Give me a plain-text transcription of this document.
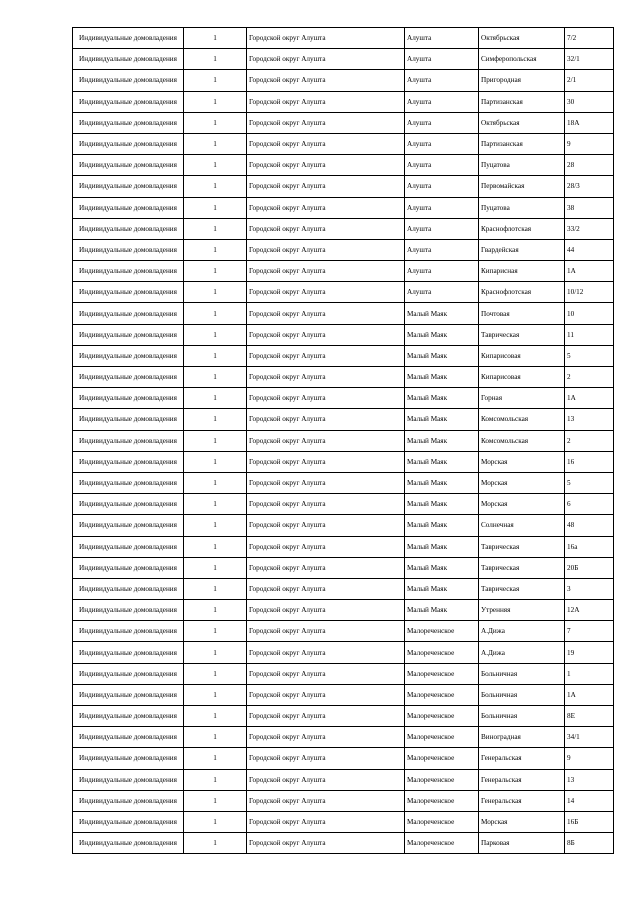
Индивидуальные домовладения	1	Городской округ Алушта	Алушта	Октябрьская	7/2
Индивидуальные домовладения	1	Городской округ Алушта	Алушта	Симферопольская	32/1
Индивидуальные домовладения	1	Городской округ Алушта	Алушта	Пригородная	2/1
Индивидуальные домовладения	1	Городской округ Алушта	Алушта	Партизанская	30
Индивидуальные домовладения	1	Городской округ Алушта	Алушта	Октябрьская	18А
Индивидуальные домовладения	1	Городской округ Алушта	Алушта	Партизанская	9
Индивидуальные домовладения	1	Городской округ Алушта	Алушта	Пуцатова	28
Индивидуальные домовладения	1	Городской округ Алушта	Алушта	Первомайская	28/3
Индивидуальные домовладения	1	Городской округ Алушта	Алушта	Пуцатова	38
Индивидуальные домовладения	1	Городской округ Алушта	Алушта	Краснофлотская	33/2
Индивидуальные домовладения	1	Городской округ Алушта	Алушта	Гвардейская	44
Индивидуальные домовладения	1	Городской округ Алушта	Алушта	Кипарисная	1А
Индивидуальные домовладения	1	Городской округ Алушта	Алушта	Краснофлотская	10/12
Индивидуальные домовладения	1	Городской округ Алушта	Малый Маяк	Почтовая	10
Индивидуальные домовладения	1	Городской округ Алушта	Малый Маяк	Таврическая	11
Индивидуальные домовладения	1	Городской округ Алушта	Малый Маяк	Кипарисовая	5
Индивидуальные домовладения	1	Городской округ Алушта	Малый Маяк	Кипарисовая	2
Индивидуальные домовладения	1	Городской округ Алушта	Малый Маяк	Горная	1А
Индивидуальные домовладения	1	Городской округ Алушта	Малый Маяк	Комсомольская	13
Индивидуальные домовладения	1	Городской округ Алушта	Малый Маяк	Комсомольская	2
Индивидуальные домовладения	1	Городской округ Алушта	Малый Маяк	Морская	16
Индивидуальные домовладения	1	Городской округ Алушта	Малый Маяк	Морская	5
Индивидуальные домовладения	1	Городской округ Алушта	Малый Маяк	Морская	6
Индивидуальные домовладения	1	Городской округ Алушта	Малый Маяк	Солнечная	48
Индивидуальные домовладения	1	Городской округ Алушта	Малый Маяк	Таврическая	16а
Индивидуальные домовладения	1	Городской округ Алушта	Малый Маяк	Таврическая	20Б
Индивидуальные домовладения	1	Городской округ Алушта	Малый Маяк	Таврическая	3
Индивидуальные домовладения	1	Городской округ Алушта	Малый Маяк	Утренняя	12А
Индивидуальные домовладения	1	Городской округ Алушта	Малореченское	А.Дижа	7
Индивидуальные домовладения	1	Городской округ Алушта	Малореченское	А.Дижа	19
Индивидуальные домовладения	1	Городской округ Алушта	Малореченское	Больничная	1
Индивидуальные домовладения	1	Городской округ Алушта	Малореченское	Больничная	1А
Индивидуальные домовладения	1	Городской округ Алушта	Малореченское	Больничная	8Е
Индивидуальные домовладения	1	Городской округ Алушта	Малореченское	Виноградная	34/1
Индивидуальные домовладения	1	Городской округ Алушта	Малореченское	Генеральская	9
Индивидуальные домовладения	1	Городской округ Алушта	Малореченское	Генеральская	13
Индивидуальные домовладения	1	Городской округ Алушта	Малореченское	Генеральская	14
Индивидуальные домовладения	1	Городской округ Алушта	Малореченское	Морская	16Б
Индивидуальные домовладения	1	Городской округ Алушта	Малореченское	Парковая	8Б
